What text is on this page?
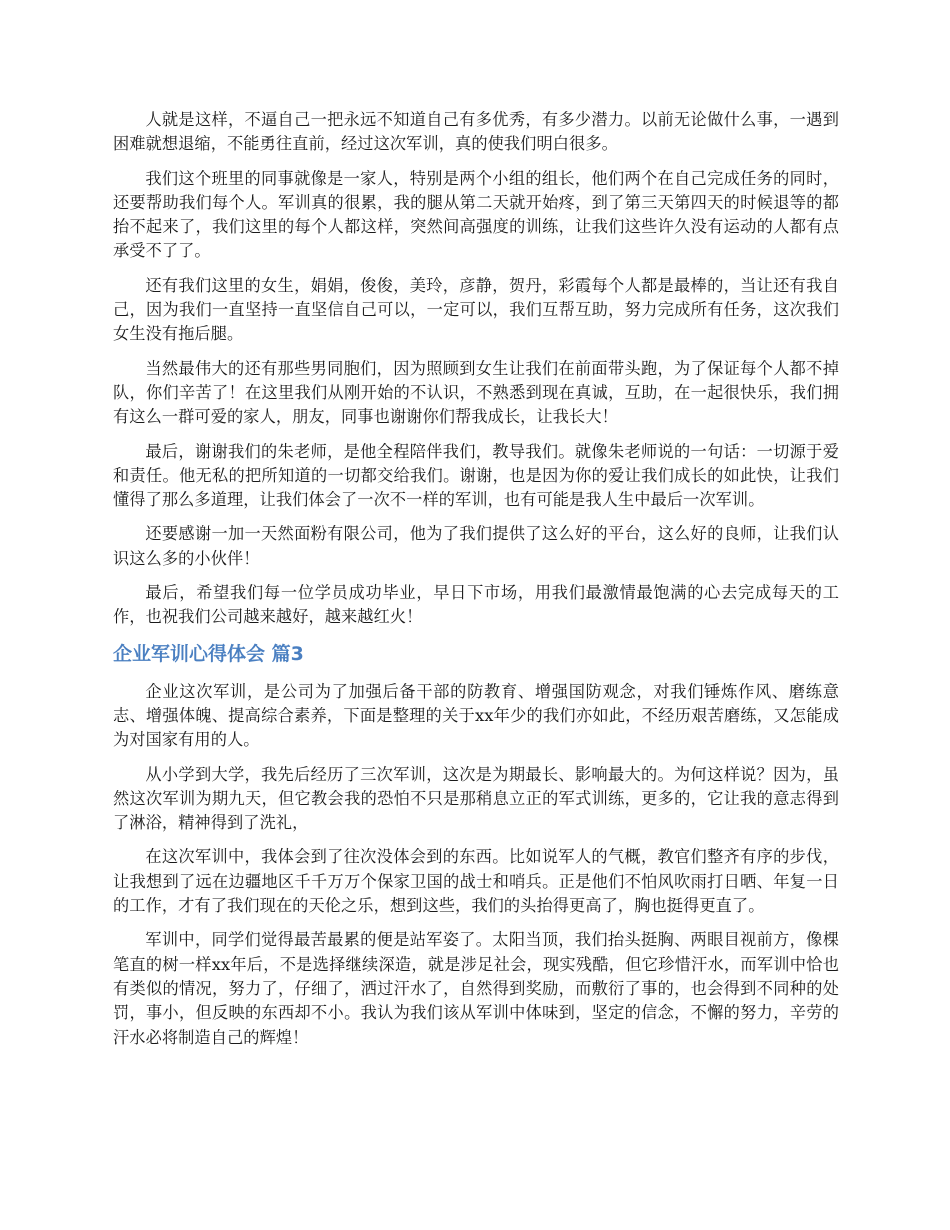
人就是这样，不逼自己一把永远不知道自己有多优秀，有多少潜力。以前无论做什么事，一遇到困难就想退缩，不能勇往直前，经过这次军训，真的使我们明白很多。

我们这个班里的同事就像是一家人，特别是两个小组的组长，他们两个在自己完成任务的同时，还要帮助我们每个人。军训真的很累，我的腿从第二天就开始疼，到了第三天第四天的时候退等的都抬不起来了，我们这里的每个人都这样，突然间高强度的训练，让我们这些许久没有运动的人都有点承受不了了。

还有我们这里的女生，娟娟，俊俊，美玲，彦静，贺丹，彩霞每个人都是最棒的，当让还有我自己，因为我们一直坚持一直坚信自己可以，一定可以，我们互帮互助，努力完成所有任务，这次我们女生没有拖后腿。

当然最伟大的还有那些男同胞们，因为照顾到女生让我们在前面带头跑，为了保证每个人都不掉队，你们辛苦了！在这里我们从刚开始的不认识，不熟悉到现在真诚，互助，在一起很快乐，我们拥有这么一群可爱的家人，朋友，同事也谢谢你们帮我成长，让我长大！

最后，谢谢我们的朱老师，是他全程陪伴我们，教导我们。就像朱老师说的一句话：一切源于爱和责任。他无私的把所知道的一切都交给我们。谢谢，也是因为你的爱让我们成长的如此快，让我们懂得了那么多道理，让我们体会了一次不一样的军训，也有可能是我人生中最后一次军训。

还要感谢一加一天然面粉有限公司，他为了我们提供了这么好的平台，这么好的良师，让我们认识这么多的小伙伴！

最后，希望我们每一位学员成功毕业，早日下市场，用我们最激情最饱满的心去完成每天的工作，也祝我们公司越来越好，越来越红火！

企业军训心得体会 篇3

企业这次军训，是公司为了加强后备干部的防教育、增强国防观念，对我们锤炼作风、磨练意志、增强体魄、提高综合素养，下面是整理的关于xx年少的我们亦如此，不经历艰苦磨练，又怎能成为对国家有用的人。

从小学到大学，我先后经历了三次军训，这次是为期最长、影响最大的。为何这样说？因为，虽然这次军训为期九天，但它教会我的恐怕不只是那稍息立正的军式训练，更多的，它让我的意志得到了淋浴，精神得到了洗礼，

在这次军训中，我体会到了往次没体会到的东西。比如说军人的气概，教官们整齐有序的步伐，让我想到了远在边疆地区千千万万个保家卫国的战士和哨兵。正是他们不怕风吹雨打日晒、年复一日的工作，才有了我们现在的天伦之乐，想到这些，我们的头抬得更高了，胸也挺得更直了。

军训中，同学们觉得最苦最累的便是站军姿了。太阳当顶，我们抬头挺胸、两眼目视前方，像棵笔直的树一样xx年后，不是选择继续深造，就是涉足社会，现实残酷，但它珍惜汗水，而军训中恰也有类似的情况，努力了，仔细了，洒过汗水了，自然得到奖励，而敷衍了事的，也会得到不同种的处罚，事小，但反映的东西却不小。我认为我们该从军训中体味到，坚定的信念，不懈的努力，辛劳的汗水必将制造自己的辉煌！
